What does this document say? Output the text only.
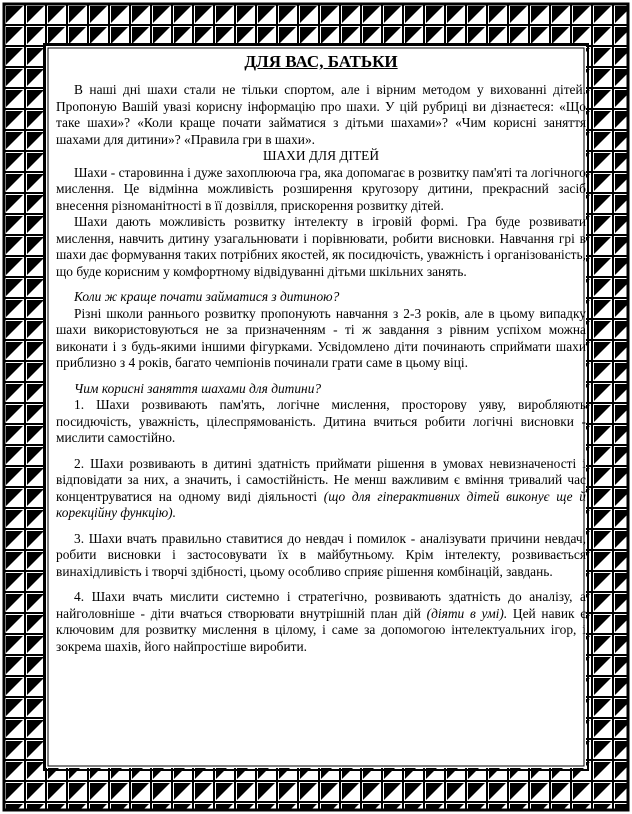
ДЛЯ ВАС, БАТЬКИ

В наші дні шахи стали не тільки спортом, але і вірним методом у вихованні дітей. Пропоную Вашій увазі корисну інформацію про шахи. У цій рубриці ви дізнаєтеся: «Що таке шахи»? «Коли краще почати займатися з дітьми шахами»? «Чим корисні заняття шахами для дитини»? «Правила гри в шахи».

ШАХИ ДЛЯ ДІТЕЙ

Шахи - старовинна і дуже захоплююча гра, яка допомагає в розвитку пам'яті та логічного мислення. Це відмінна можливість розширення кругозору дитини, прекрасний засіб внесення різноманітності в її дозвілля, прискорення розвитку дітей.

Шахи дають можливість розвитку інтелекту в ігровій формі. Гра буде розвивати мислення, навчить дитину узагальнювати і порівнювати, робити висновки. Навчання грі в шахи дає формування таких потрібних якостей, як посидючість, уважність і організованість, що буде корисним у комфортному відвідуванні дітьми шкільних занять.

Коли ж краще почати займатися з дитиною?

Різні школи раннього розвитку пропонують навчання з 2-3 років, але в цьому випадку шахи використовуються не за призначенням - ті ж завдання з рівним успіхом можна виконати і з будь-якими іншими фігурками. Усвідомлено діти починають сприймати шахи приблизно з 4 років, багато чемпіонів починали грати саме в цьому віці.

Чим корисні заняття шахами для дитини?

1. Шахи розвивають пам'ять, логічне мислення, просторову уяву, виробляють посидючість, уважність, цілеспрямованість. Дитина вчиться робити логічні висновки - мислити самостійно.

2. Шахи розвивають в дитині здатність приймати рішення в умовах невизначеності і відповідати за них, а значить, і самостійність. Не менш важливим є вміння тривалий час концентруватися на одному виді діяльності (що для гіперактивних дітей виконує ще й корекційну функцію).

3. Шахи вчать правильно ставитися до невдач і помилок - аналізувати причини невдач, робити висновки і застосовувати їх в майбутньому. Крім інтелекту, розвивається винахідливість і творчі здібності, цьому особливо сприяє рішення комбінацій, завдань.

4. Шахи вчать мислити системно і стратегічно, розвивають здатність до аналізу, а найголовніше - діти вчаться створювати внутрішній план дій (діяти в умі). Цей навик є ключовим для розвитку мислення в цілому, і саме за допомогою інтелектуальних ігор, і зокрема шахів, його найпростіше виробити.
